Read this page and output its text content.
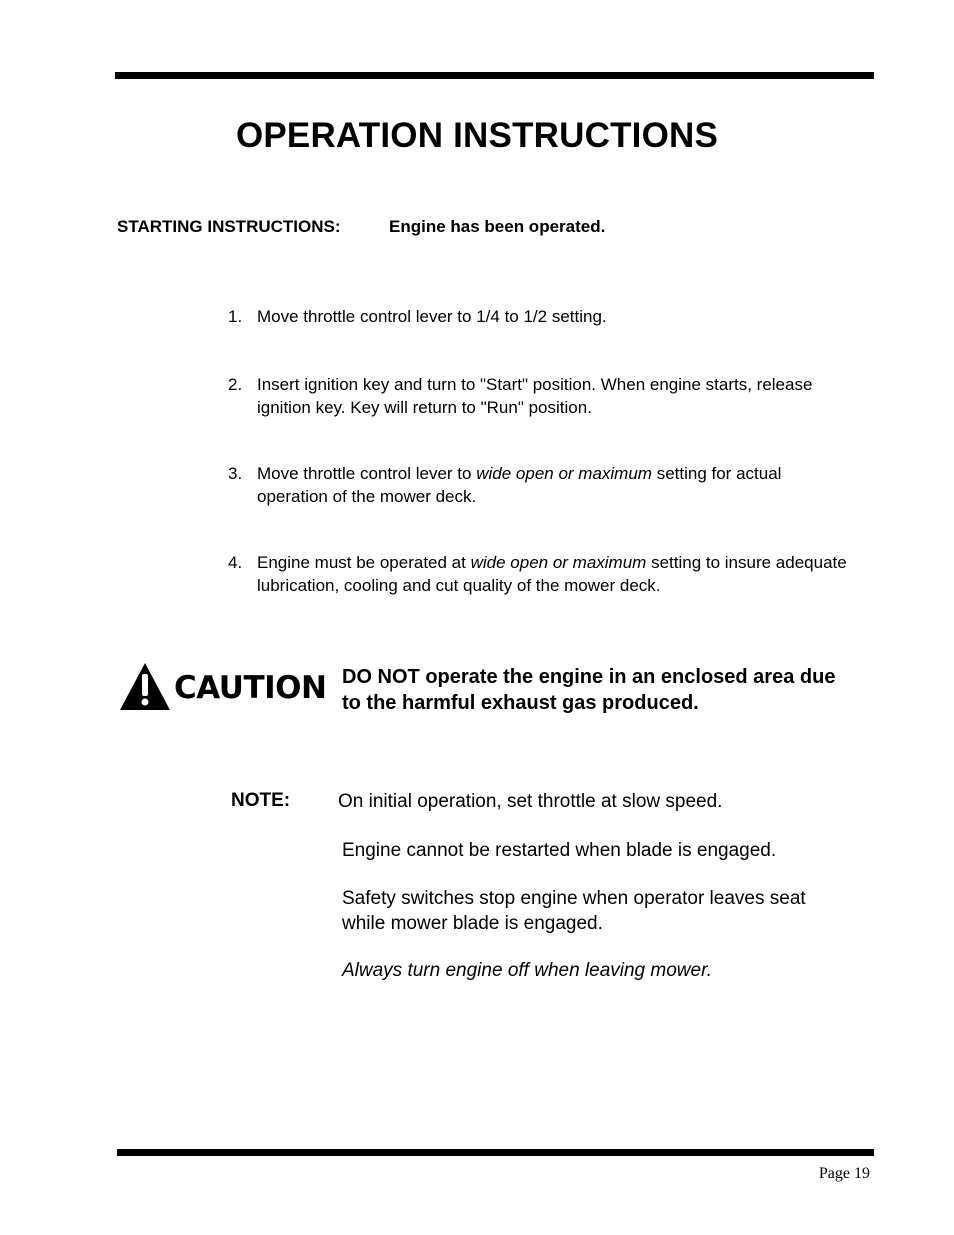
OPERATION INSTRUCTIONS
STARTING INSTRUCTIONS:	Engine has been operated.
1. Move throttle control lever to 1/4 to 1/2 setting.
2. Insert ignition key and turn to "Start" position. When engine starts, release ignition key. Key will return to "Run" position.
3. Move throttle control lever to wide open or maximum setting for actual operation of the mower deck.
4. Engine must be operated at wide open or maximum setting to insure adequate lubrication, cooling and cut quality of the mower deck.
CAUTION DO NOT operate the engine in an enclosed area due to the harmful exhaust gas produced.
NOTE:	On initial operation, set throttle at slow speed.
Engine cannot be restarted when blade is engaged.
Safety switches stop engine when operator leaves seat while mower blade is engaged.
Always turn engine off when leaving mower.
Page 19
